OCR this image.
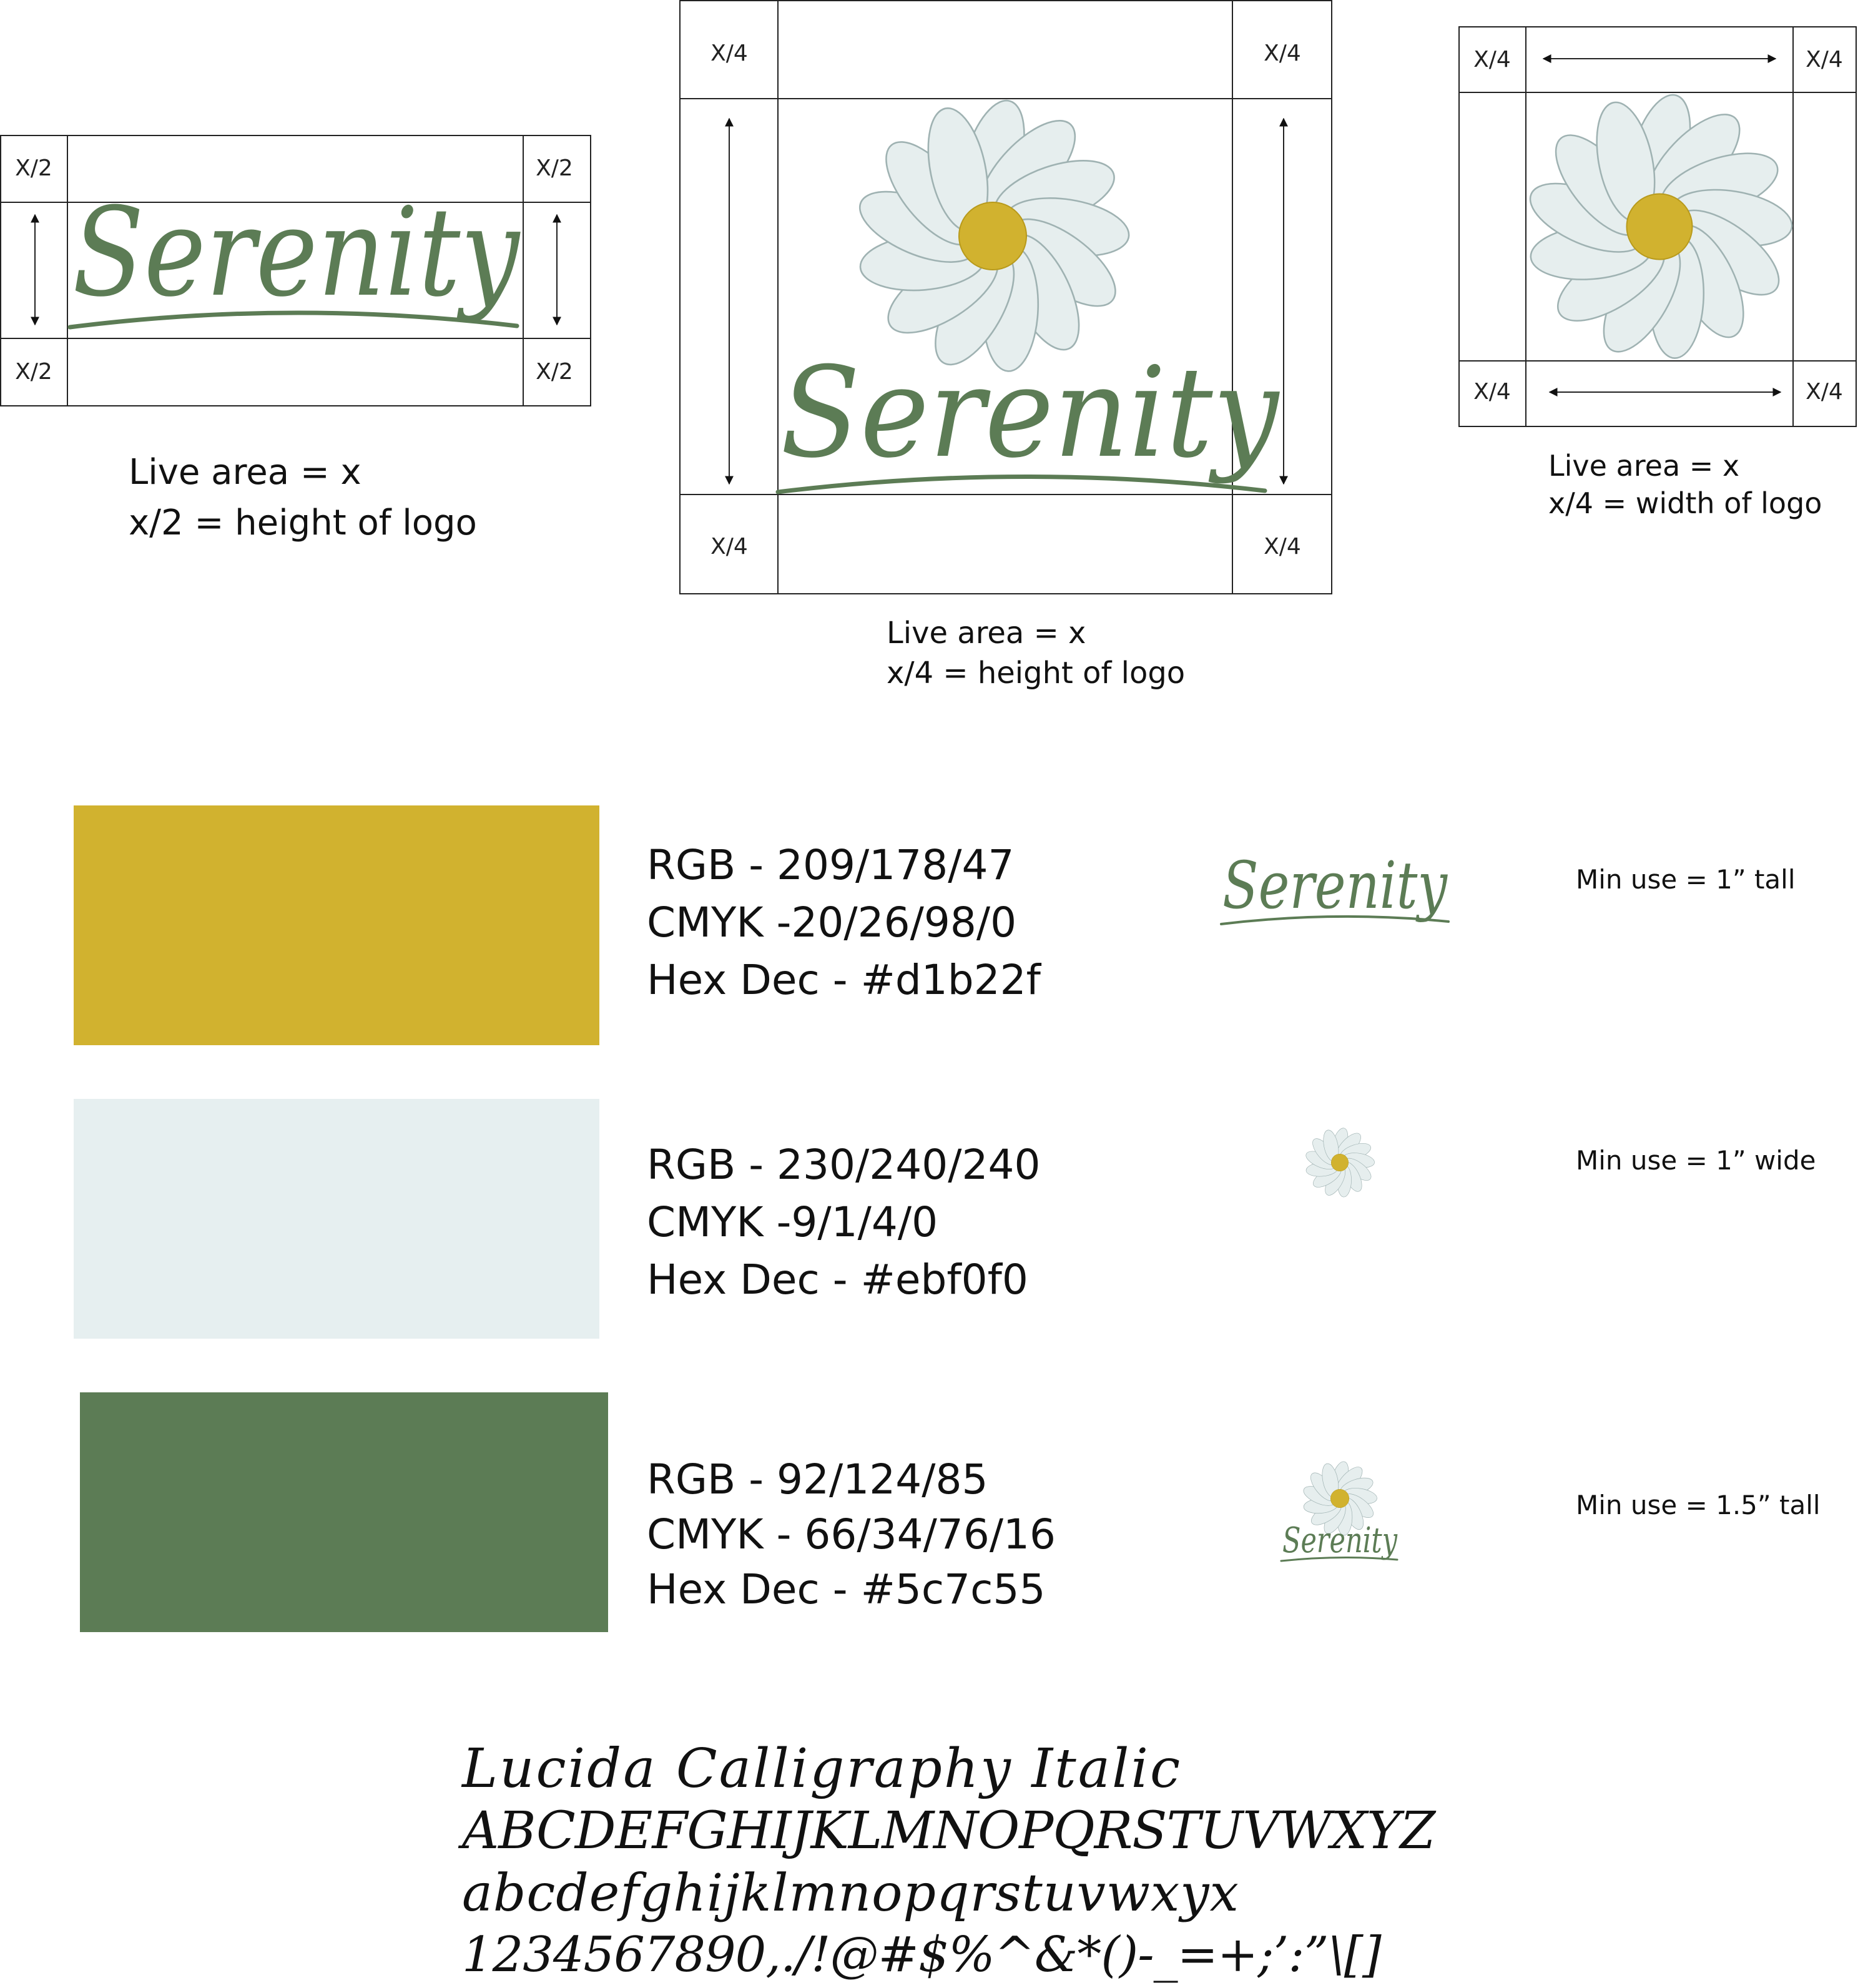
X/2	X/2
X/2	X/2
Serenity
Live area = x
x/2 = height of logo
X/4	X/4
X/4	X/4
Serenity
Live area = x
x/4 = height of logo
X/4	X/4
X/4	X/4
Live area = x
x/4 = width of logo
RGB - 209/178/47
CMYK -20/26/98/0
Hex Dec - #d1b22f
Serenity	Min use = 1” tall
RGB - 230/240/240
CMYK -9/1/4/0
Hex Dec - #ebf0f0
Min use = 1” wide
RGB - 92/124/85
CMYK - 66/34/76/16
Hex Dec - #5c7c55
Serenity
Min use = 1.5” tall
Lucida Calligraphy Italic
ABCDEFGHIJKLMNOPQRSTUVWXYZ
abcdefghijklmnopqrstuvwxyx
1234567890,./!@#$%^&*()-_=+;’:”\[]
